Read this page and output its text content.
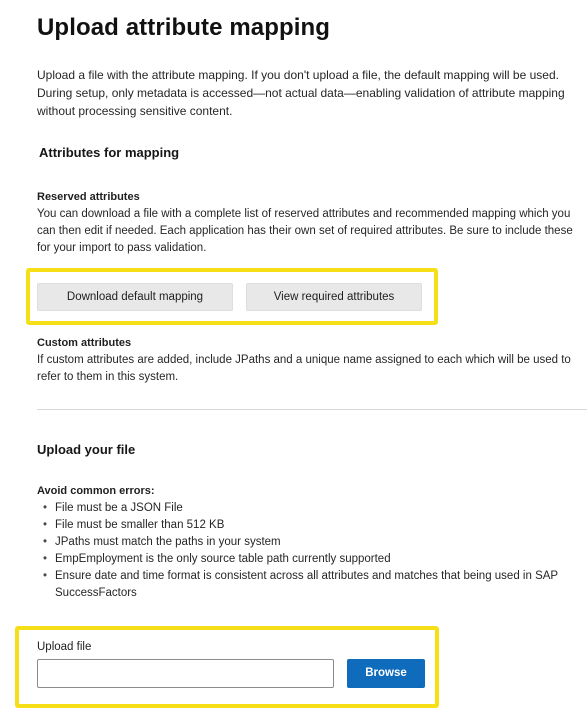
Upload attribute mapping

Upload a file with the attribute mapping. If you don't upload a file, the default mapping will be used. During setup, only metadata is accessed—not actual data—enabling validation of attribute mapping without processing sensitive content.

Attributes for mapping
Reserved attributes

You can download a file with a complete list of reserved attributes and recommended mapping which you can then edit if needed. Each application has their own set of required attributes. Be sure to include these for your import to pass validation.

Download default mapping	View required attributes
Custom attributes

If custom attributes are added, include JPaths and a unique name assigned to each which will be used to refer to them in this system.

Upload your file
Avoid common errors:
• File must be a JSON File
• File must be smaller than 512 KB
• JPaths must match the paths in your system
• EmpEmployment is the only source table path currently supported
• Ensure date and time format is consistent across all attributes and matches that being used in SAP SuccessFactors
Upload file
Browse
